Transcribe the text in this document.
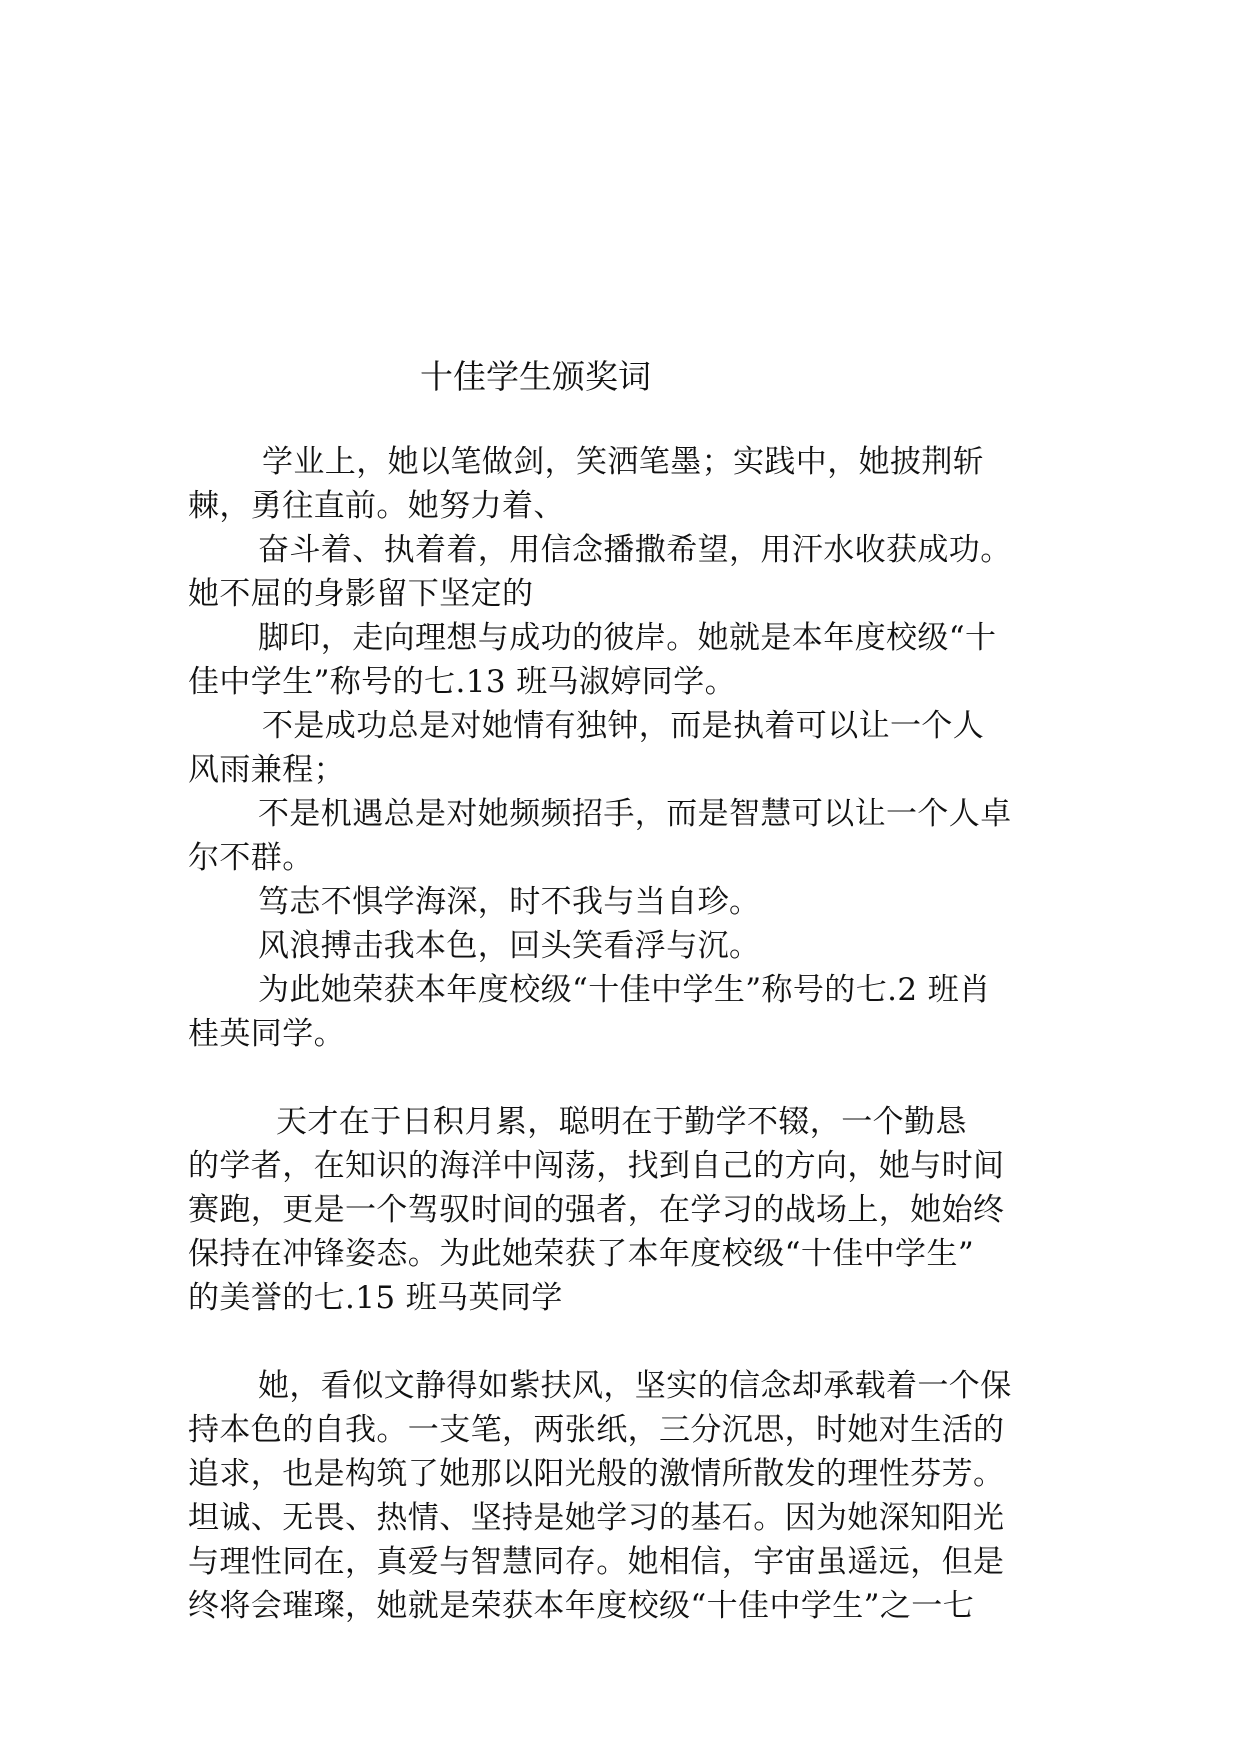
十佳学生颁奖词
学业上，她以笔做剑，笑洒笔墨；实践中，她披荆斩
棘，勇往直前。她努力着、
奋斗着、执着着，用信念播撒希望，用汗水收获成功。
她不屈的身影留下坚定的
脚印，走向理想与成功的彼岸。她就是本年度校级“十
佳中学生”称号的七.13 班马淑婷同学。
不是成功总是对她情有独钟，而是执着可以让一个人
风雨兼程；
不是机遇总是对她频频招手，而是智慧可以让一个人卓
尔不群。
笃志不惧学海深，时不我与当自珍。
风浪搏击我本色，回头笑看浮与沉。
为此她荣获本年度校级“十佳中学生”称号的七.2 班肖
桂英同学。
天才在于日积月累，聪明在于勤学不辍，一个勤恳
的学者，在知识的海洋中闯荡，找到自己的方向，她与时间
赛跑，更是一个驾驭时间的强者，在学习的战场上，她始终
保持在冲锋姿态。为此她荣获了本年度校级“十佳中学生”
的美誉的七.15 班马英同学
她，看似文静得如紫扶风，坚实的信念却承载着一个保
持本色的自我。一支笔，两张纸，三分沉思，时她对生活的
追求，也是构筑了她那以阳光般的激情所散发的理性芬芳。
坦诚、无畏、热情、坚持是她学习的基石。因为她深知阳光
与理性同在，真爱与智慧同存。她相信，宇宙虽遥远，但是
终将会璀璨，她就是荣获本年度校级“十佳中学生”之一七
